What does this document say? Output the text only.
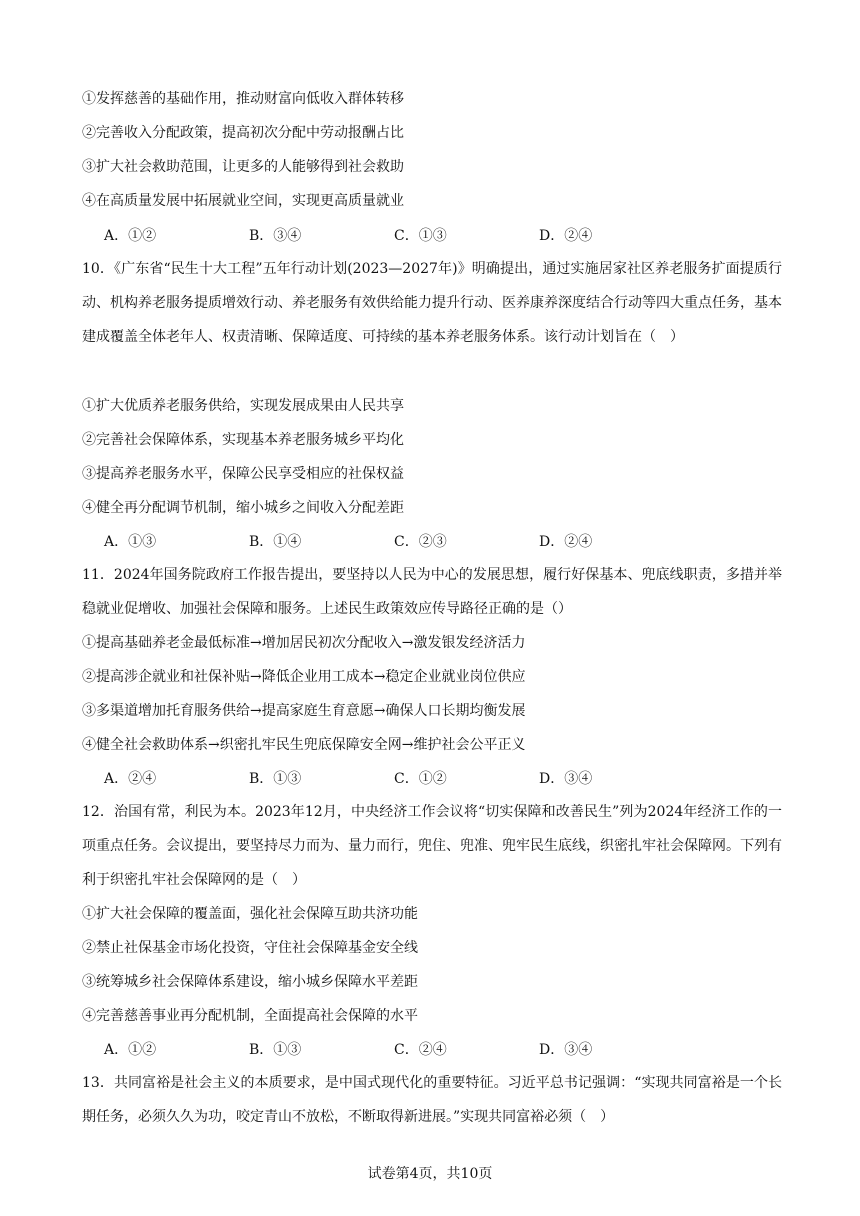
①发挥慈善的基础作用，推动财富向低收入群体转移
②完善收入分配政策，提高初次分配中劳动报酬占比
③扩大社会救助范围，让更多的人能够得到社会救助
④在高质量发展中拓展就业空间，实现更高质量就业
A．①②	B．③④	C．①③	D．②④
10．《广东省“民生十大工程”五年行动计划(2023—2027年)》明确提出，通过实施居家社区养老服务扩面提质行动、机构养老服务提质增效行动、养老服务有效供给能力提升行动、医养康养深度结合行动等四大重点任务，基本建成覆盖全体老年人、权责清晰、保障适度、可持续的基本养老服务体系。该行动计划旨在（　）
①扩大优质养老服务供给，实现发展成果由人民共享
②完善社会保障体系，实现基本养老服务城乡平均化
③提高养老服务水平，保障公民享受相应的社保权益
④健全再分配调节机制，缩小城乡之间收入分配差距
A．①③	B．①④	C．②③	D．②④
11．2024年国务院政府工作报告提出，要坚持以人民为中心的发展思想，履行好保基本、兜底线职责，多措并举稳就业促增收、加强社会保障和服务。上述民生政策效应传导路径正确的是（）
①提高基础养老金最低标准→增加居民初次分配收入→激发银发经济活力
②提高涉企就业和社保补贴→降低企业用工成本→稳定企业就业岗位供应
③多渠道增加托育服务供给→提高家庭生育意愿→确保人口长期均衡发展
④健全社会救助体系→织密扎牢民生兜底保障安全网→维护社会公平正义
A．②④	B．①③	C．①②	D．③④
12．治国有常，利民为本。2023年12月，中央经济工作会议将“切实保障和改善民生”列为2024年经济工作的一项重点任务。会议提出，要坚持尽力而为、量力而行，兜住、兜准、兜牢民生底线，织密扎牢社会保障网。下列有利于织密扎牢社会保障网的是（　）
①扩大社会保障的覆盖面，强化社会保障互助共济功能
②禁止社保基金市场化投资，守住社会保障基金安全线
③统筹城乡社会保障体系建设，缩小城乡保障水平差距
④完善慈善事业再分配机制，全面提高社会保障的水平
A．①②	B．①③	C．②④	D．③④
13．共同富裕是社会主义的本质要求，是中国式现代化的重要特征。习近平总书记强调：“实现共同富裕是一个长期任务，必须久久为功，咬定青山不放松，不断取得新进展。”实现共同富裕必须（　）
试卷第4页，共10页
